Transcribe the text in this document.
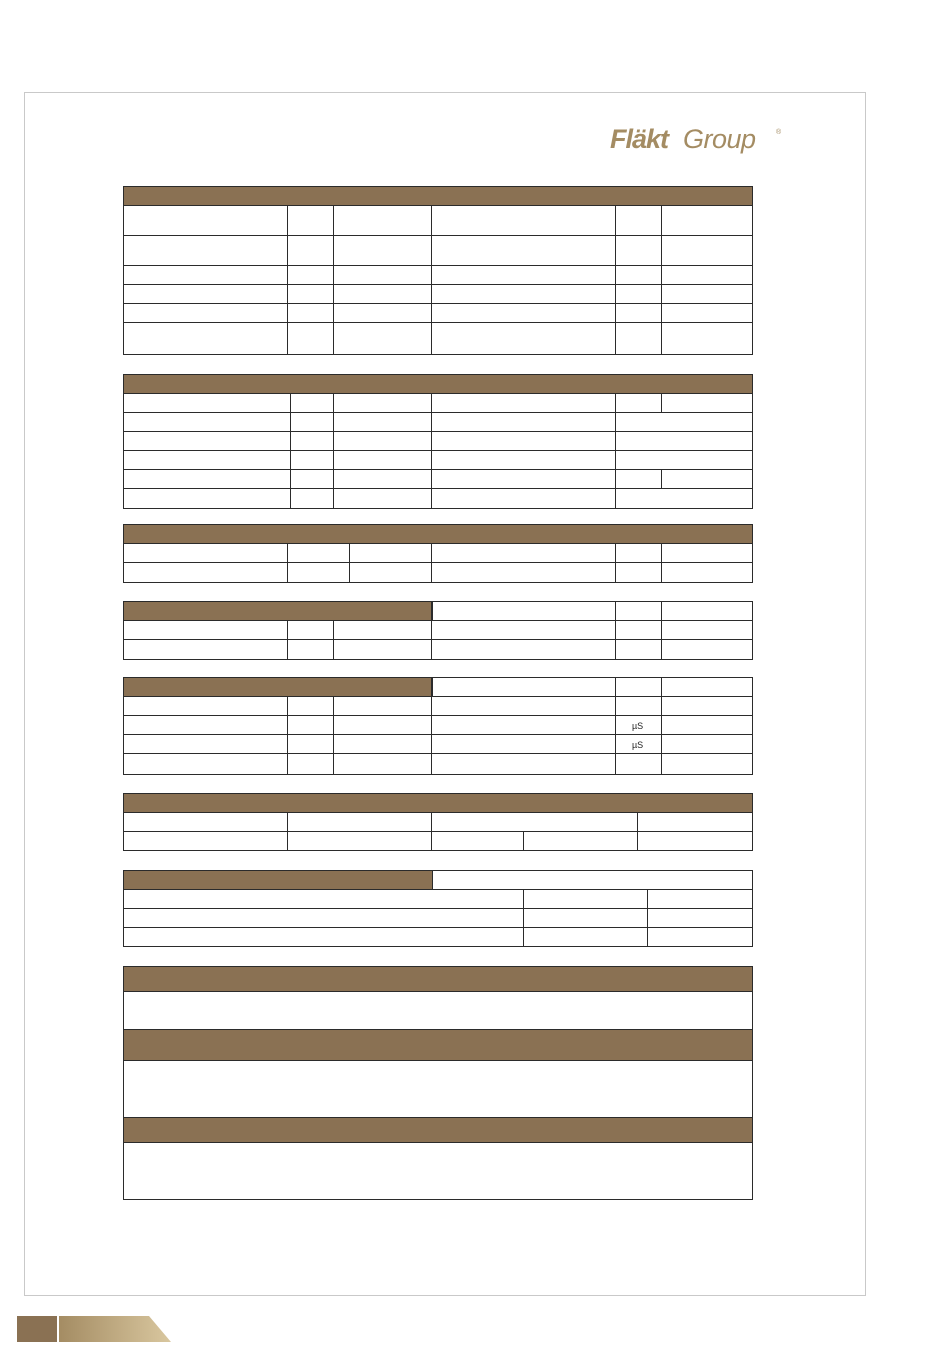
Fläkt Group	®
µS
µS
